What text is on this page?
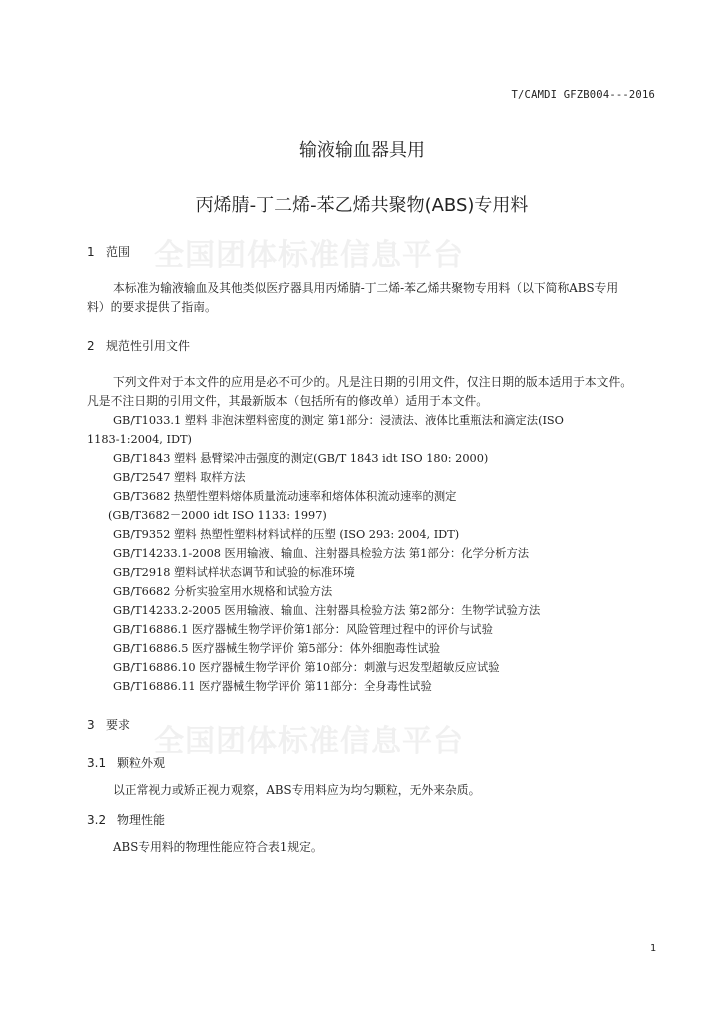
T/CAMDI GFZB004---2016
输液输血器具用
丙烯腈-丁二烯-苯乙烯共聚物(ABS)专用料
全国团体标准信息平台
全国团体标准信息平台
1 范围
本标准为输液输血及其他类似医疗器具用丙烯腈-丁二烯-苯乙烯共聚物专用料（以下简称ABS专用
料）的要求提供了指南。
2 规范性引用文件
下列文件对于本文件的应用是必不可少的。凡是注日期的引用文件，仅注日期的版本适用于本文件。
凡是不注日期的引用文件，其最新版本（包括所有的修改单）适用于本文件。
GB/T1033.1 塑料 非泡沫塑料密度的测定 第1部分：浸渍法、液体比重瓶法和滴定法(ISO
1183-1:2004, IDT)
GB/T1843 塑料 悬臂梁冲击强度的测定(GB/T 1843 idt ISO 180: 2000)
GB/T2547 塑料 取样方法
GB/T3682 热塑性塑料熔体质量流动速率和熔体体积流动速率的测定
(GB/T3682－2000 idt ISO 1133: 1997)
GB/T9352 塑料 热塑性塑料材料试样的压塑 (ISO 293: 2004, IDT)
GB/T14233.1-2008 医用输液、输血、注射器具检验方法 第1部分：化学分析方法
GB/T2918 塑料试样状态调节和试验的标准环境
GB/T6682 分析实验室用水规格和试验方法
GB/T14233.2-2005 医用输液、输血、注射器具检验方法 第2部分：生物学试验方法
GB/T16886.1 医疗器械生物学评价第1部分：风险管理过程中的评价与试验
GB/T16886.5 医疗器械生物学评价 第5部分：体外细胞毒性试验
GB/T16886.10 医疗器械生物学评价 第10部分：刺激与迟发型超敏反应试验
GB/T16886.11 医疗器械生物学评价 第11部分：全身毒性试验
3 要求
3.1 颗粒外观
以正常视力或矫正视力观察，ABS专用料应为均匀颗粒，无外来杂质。
3.2 物理性能
ABS专用料的物理性能应符合表1规定。
1
